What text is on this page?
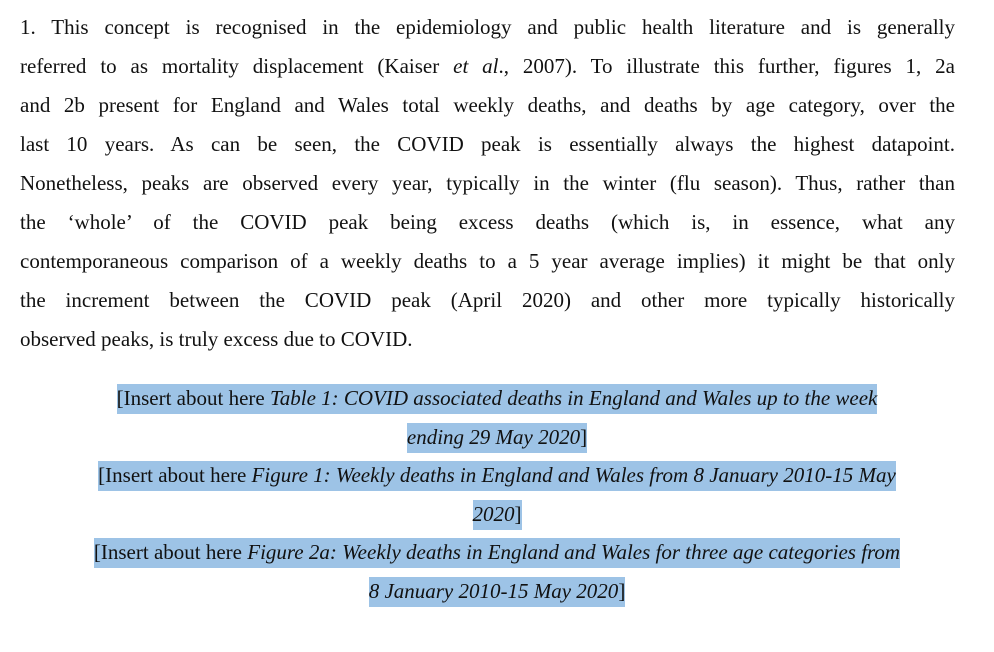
1. This concept is recognised in the epidemiology and public health literature and is generally
referred to as mortality displacement (Kaiser et al., 2007). To illustrate this further, figures 1, 2a
and 2b present for England and Wales total weekly deaths, and deaths by age category, over the
last 10 years. As can be seen, the COVID peak is essentially always the highest datapoint.
Nonetheless, peaks are observed every year, typically in the winter (flu season). Thus, rather than
the ‘whole’ of the COVID peak being excess deaths (which is, in essence, what any
contemporaneous comparison of a weekly deaths to a 5 year average implies) it might be that only
the increment between the COVID peak (April 2020) and other more typically historically
observed peaks, is truly excess due to COVID.
[Insert about here Table 1: COVID associated deaths in England and Wales up to the week
ending 29 May 2020]
[Insert about here Figure 1: Weekly deaths in England and Wales from 8 January 2010-15 May
2020]
[Insert about here Figure 2a: Weekly deaths in England and Wales for three age categories from
8 January 2010-15 May 2020]
